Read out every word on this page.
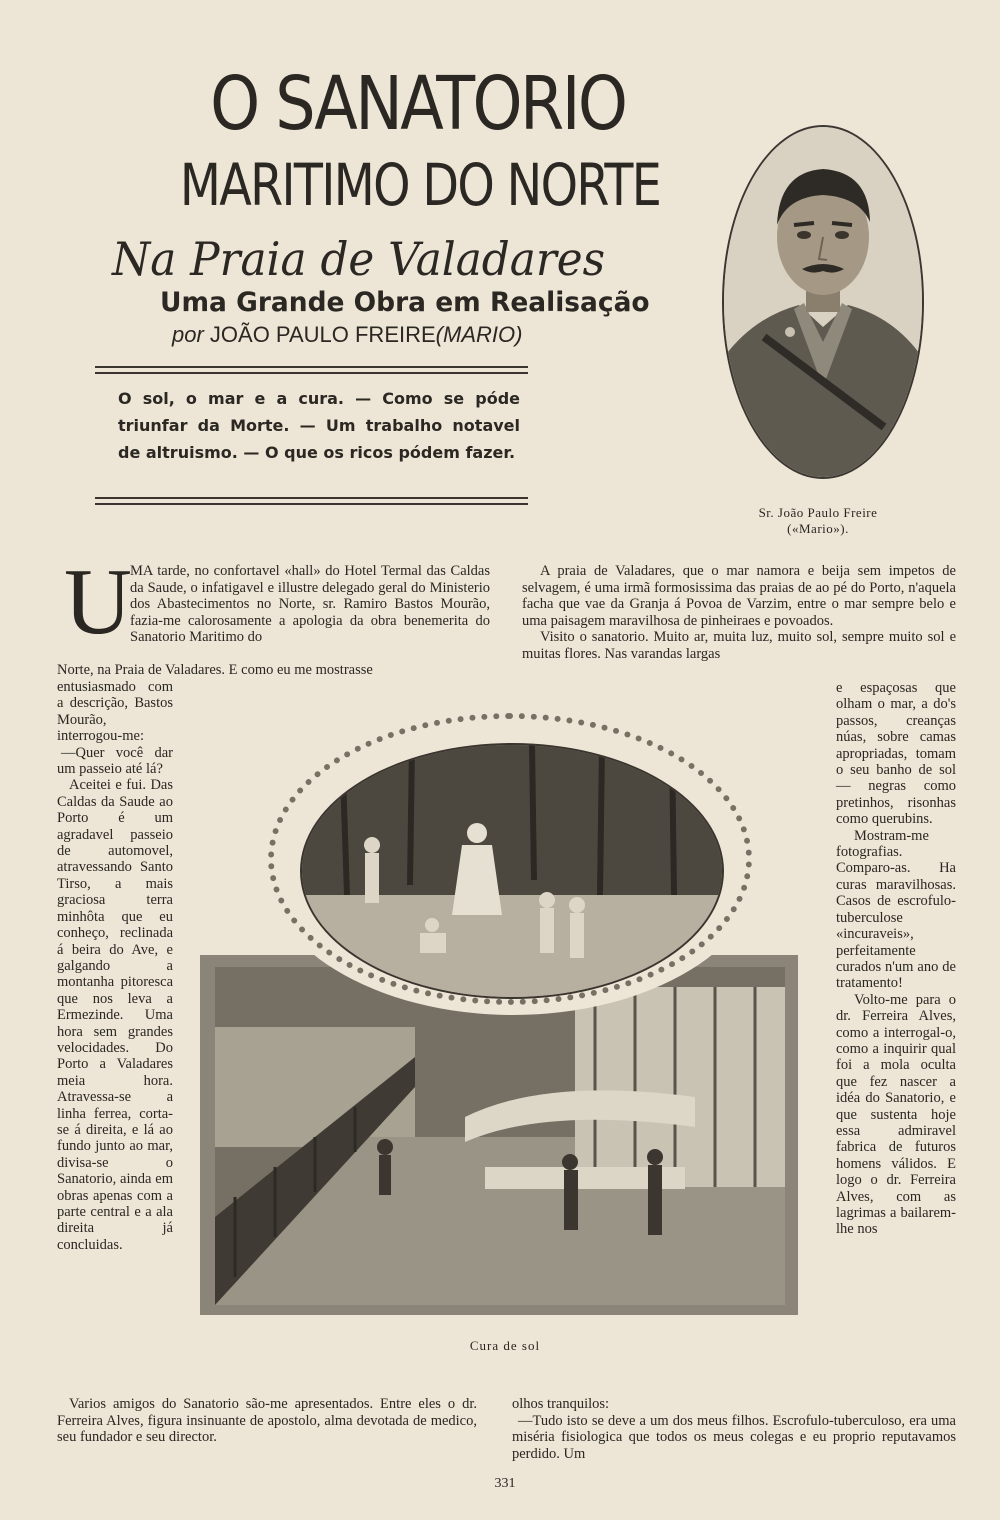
O SANATORIO
MARITIMO DO NORTE
Na Praia de Valadares
Uma Grande Obra em Realisação
por JOÃO PAULO FREIRE(MARIO)
O sol, o mar e a cura. — Como se póde triunfar da Morte. — Um trabalho notavel de altruismo. — O que os ricos pódem fazer.
Sr. João Paulo Freire
(«Mario»).
U
MA tarde, no confortavel «hall» do Hotel Termal das Caldas da Saude, o infatigavel e illustre delegado geral do Ministerio dos Abastecimentos no Norte, sr. Ramiro Bastos Mourão, fazia-me calorosamente a apologia da obra benemerita do Sanatorio Maritimo do
Norte, na Praia de Valadares. E como eu me mostrasse

entusiasmado com a descrição, Bastos Mourão, interrogou-me:

—Quer você dar um passeio até lá?

Aceitei e fui. Das Caldas da Saude ao Porto é um agradavel passeio de automovel, atravessando Santo Tirso, a mais graciosa terra minhôta que eu conheço, reclinada á beira do Ave, e galgando a montanha pitoresca que nos leva a Ermezinde. Uma hora sem grandes velocidades. Do Porto a Valadares meia hora. Atravessa-se a linha ferrea, corta-se á direita, e lá ao fundo junto ao mar, divisa-se o Sanatorio, ainda em obras apenas com a parte central e a ala direita já concluidas.

Varios amigos do Sanatorio são-me apresentados. Entre eles o dr. Ferreira Alves, figura insinuante de apostolo, alma devotada de medico, seu fundador e seu director.

A praia de Valadares, que o mar namora e beija sem impetos de selvagem, é uma irmã formosissima das praias de ao pé do Porto, n'aquela facha que vae da Granja á Povoa de Varzim, entre o mar sempre belo e uma paisagem maravilhosa de pinheiraes e povoados.

Visito o sanatorio. Muito ar, muita luz, muito sol, sempre muito sol e muitas flores. Nas varandas largas

e espaçosas que olham o mar, a do's passos, creanças núas, sobre camas apropriadas, tomam o seu banho de sol — negras como pretinhos, risonhas como querubins.

Mostram-me fotografias. Comparo-as. Ha curas maravilhosas. Casos de escrofulo-tuberculose «incuraveis», perfeitamente curados n'um ano de tratamento!

Volto-me para o dr. Ferreira Alves, como a interrogal-o, como a inquirir qual foi a mola oculta que fez nascer a idéa do Sanatorio, e que sustenta hoje essa admiravel fabrica de futuros homens válidos. E logo o dr. Ferreira Alves, com as lagrimas a bailarem-lhe nos

olhos tranquilos:

—Tudo isto se deve a um dos meus filhos. Escrofulo-tuberculoso, era uma miséria fisiologica que todos os meus colegas e eu proprio reputavamos perdido. Um

Cura de sol
331
